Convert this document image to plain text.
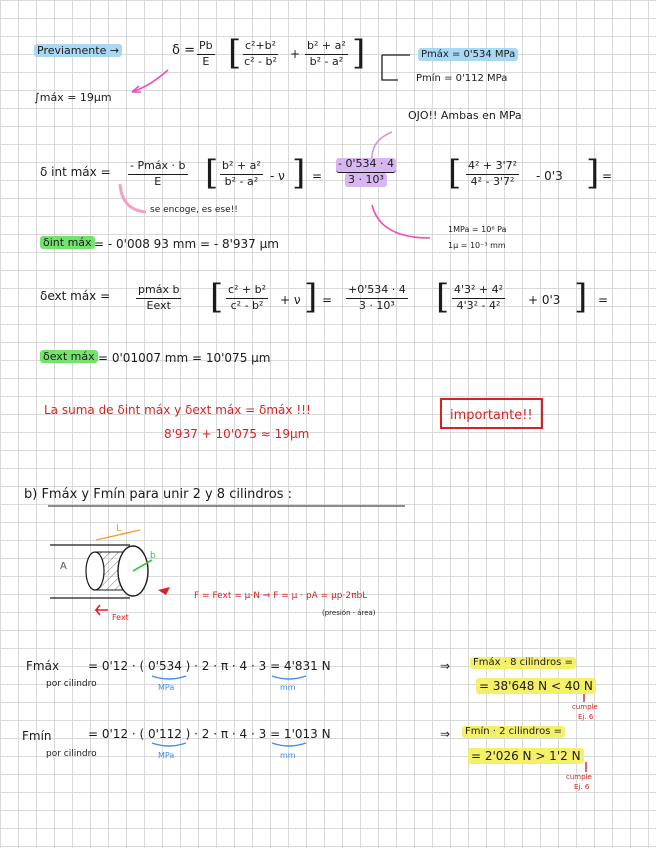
Previamente →	$\delta = \frac{Pb}{E}$ [ $\frac{\text{c²+b²}}{\text{c² - b²}} + \frac{\text{b² + a²}}{\text{b² - a²}}$ ]	Pmáx = 0'534 MPa
Pmín = 0'112 MPa
∫máx = 19μm
OJO!! Ambas en MPa
δ int máx = - Pmáx · b
E [ $\frac{\text{b² + a²}}{\text{b² - a²}}$ - ν ] = $\frac{- 0'534 \cdot 4}{\text{3 · 10³}}$ [ $\frac{\text{4² + 3'7²}}{\text{4² - 3'7²}} - 0'3$ ] =
se encoge, es ese!!
1MPa = 10⁶ Pa
1μ = 10⁻³ mm
δint máx = - 0'008 93 mm = - 8'937 μm
δext máx =	pmáx b
Eext [ $\frac{\text{c² + b²}}{\text{c² - b²}} + \nu$ ] = $\frac{+0'534 \cdot 4}{\text{3 · 10³}}$ [ $\frac{\text{4'3² + 4²}}{\text{4'3² - 4²}} + 0'3$ ] =
δext máx = 0'01007 mm = 10'075 μm
La suma de δint máx y δext máx = δmáx !!!
8'937 + 10'075 ≈ 19μm
importante!!
b) Fmáx y Fmín para unir 2 y 8 cilindros :
L
A
b
Fext
F = Fext = μ·N ⇒ F = μ · pA = μp·2πbL
(presión · área)
Fmáx
por cilindro
= 0'12 · ( 0'534 ) · 2 · π · 4 · 3 = 4'831 N
MPa	mm
⇒	Fmáx · 8 cilindros =
= 38'648 N < 40 N
cumple
Ej. 6
Fmín
por cilindro
= 0'12 · ( 0'112 ) · 2 · π · 4 · 3 = 1'013 N
MPa	mm
⇒	Fmín · 2 cilindros =
= 2'026 N > 1'2 N
cumple
Ej. 6
